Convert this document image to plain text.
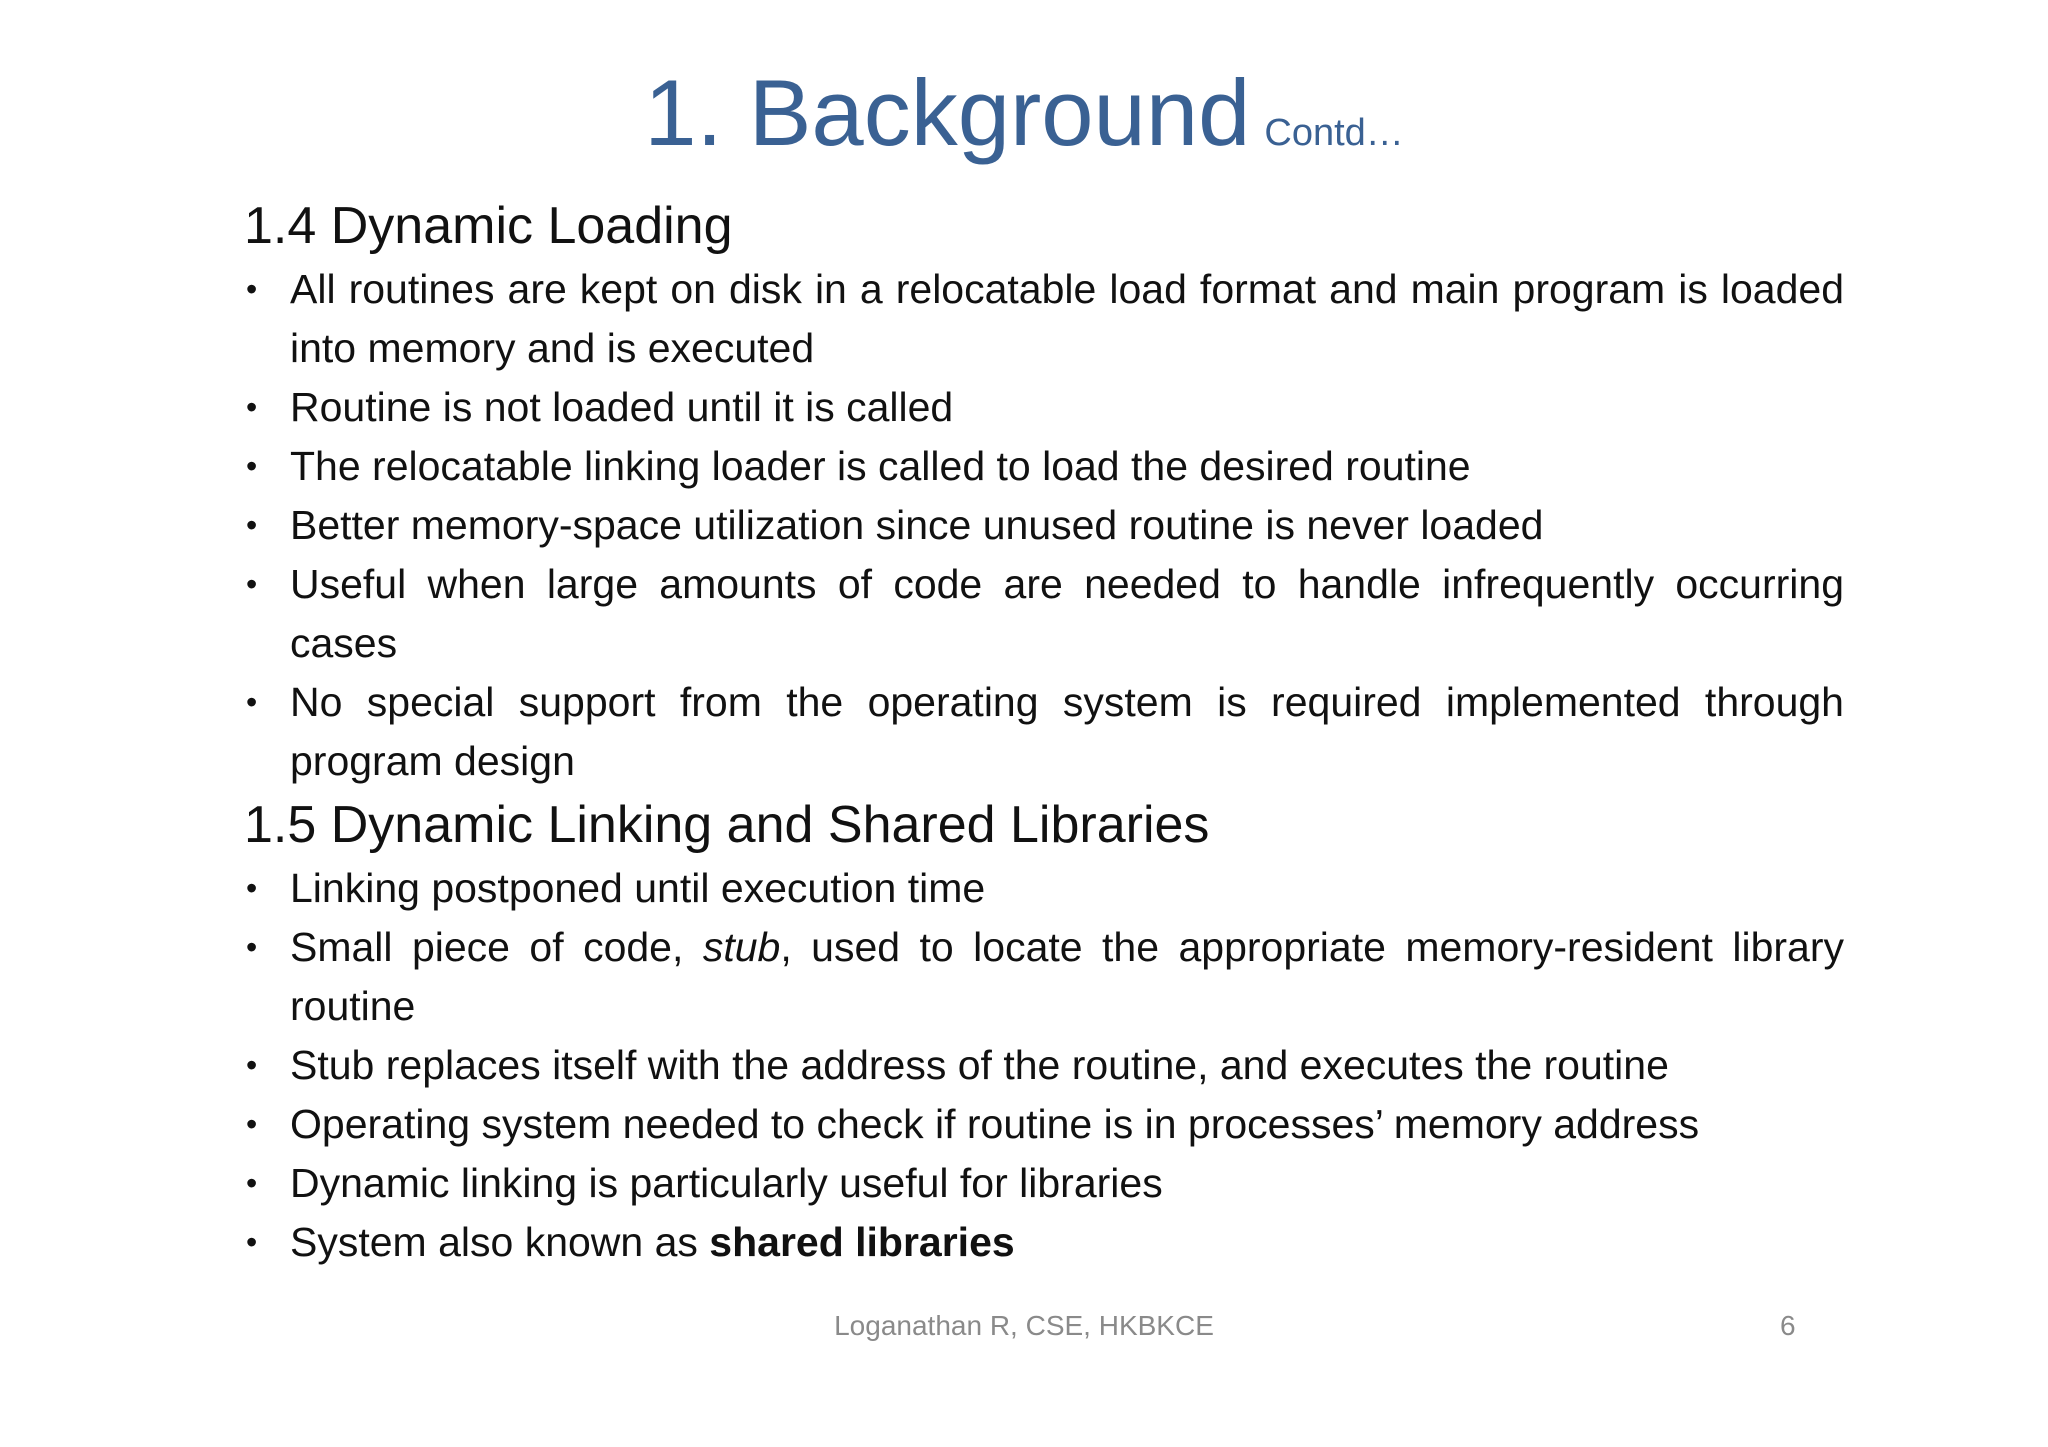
1. Background Contd…
1.4 Dynamic Loading
• All routines are kept on disk in a relocatable load format and main program is loaded into memory and is executed
• Routine is not loaded until it is called
• The relocatable linking loader is called to load the desired routine
• Better memory-space utilization since unused routine is never loaded
• Useful when large amounts of code are needed to handle infrequently occurring cases
• No special support from the operating system is required implemented through program design
1.5 Dynamic Linking and Shared Libraries
• Linking postponed until execution time
• Small piece of code, stub, used to locate the appropriate memory-resident library routine
• Stub replaces itself with the address of the routine, and executes the routine
• Operating system needed to check if routine is in processes’ memory address
• Dynamic linking is particularly useful for libraries
• System also known as shared libraries
Loganathan R, CSE, HKBKCE	6
